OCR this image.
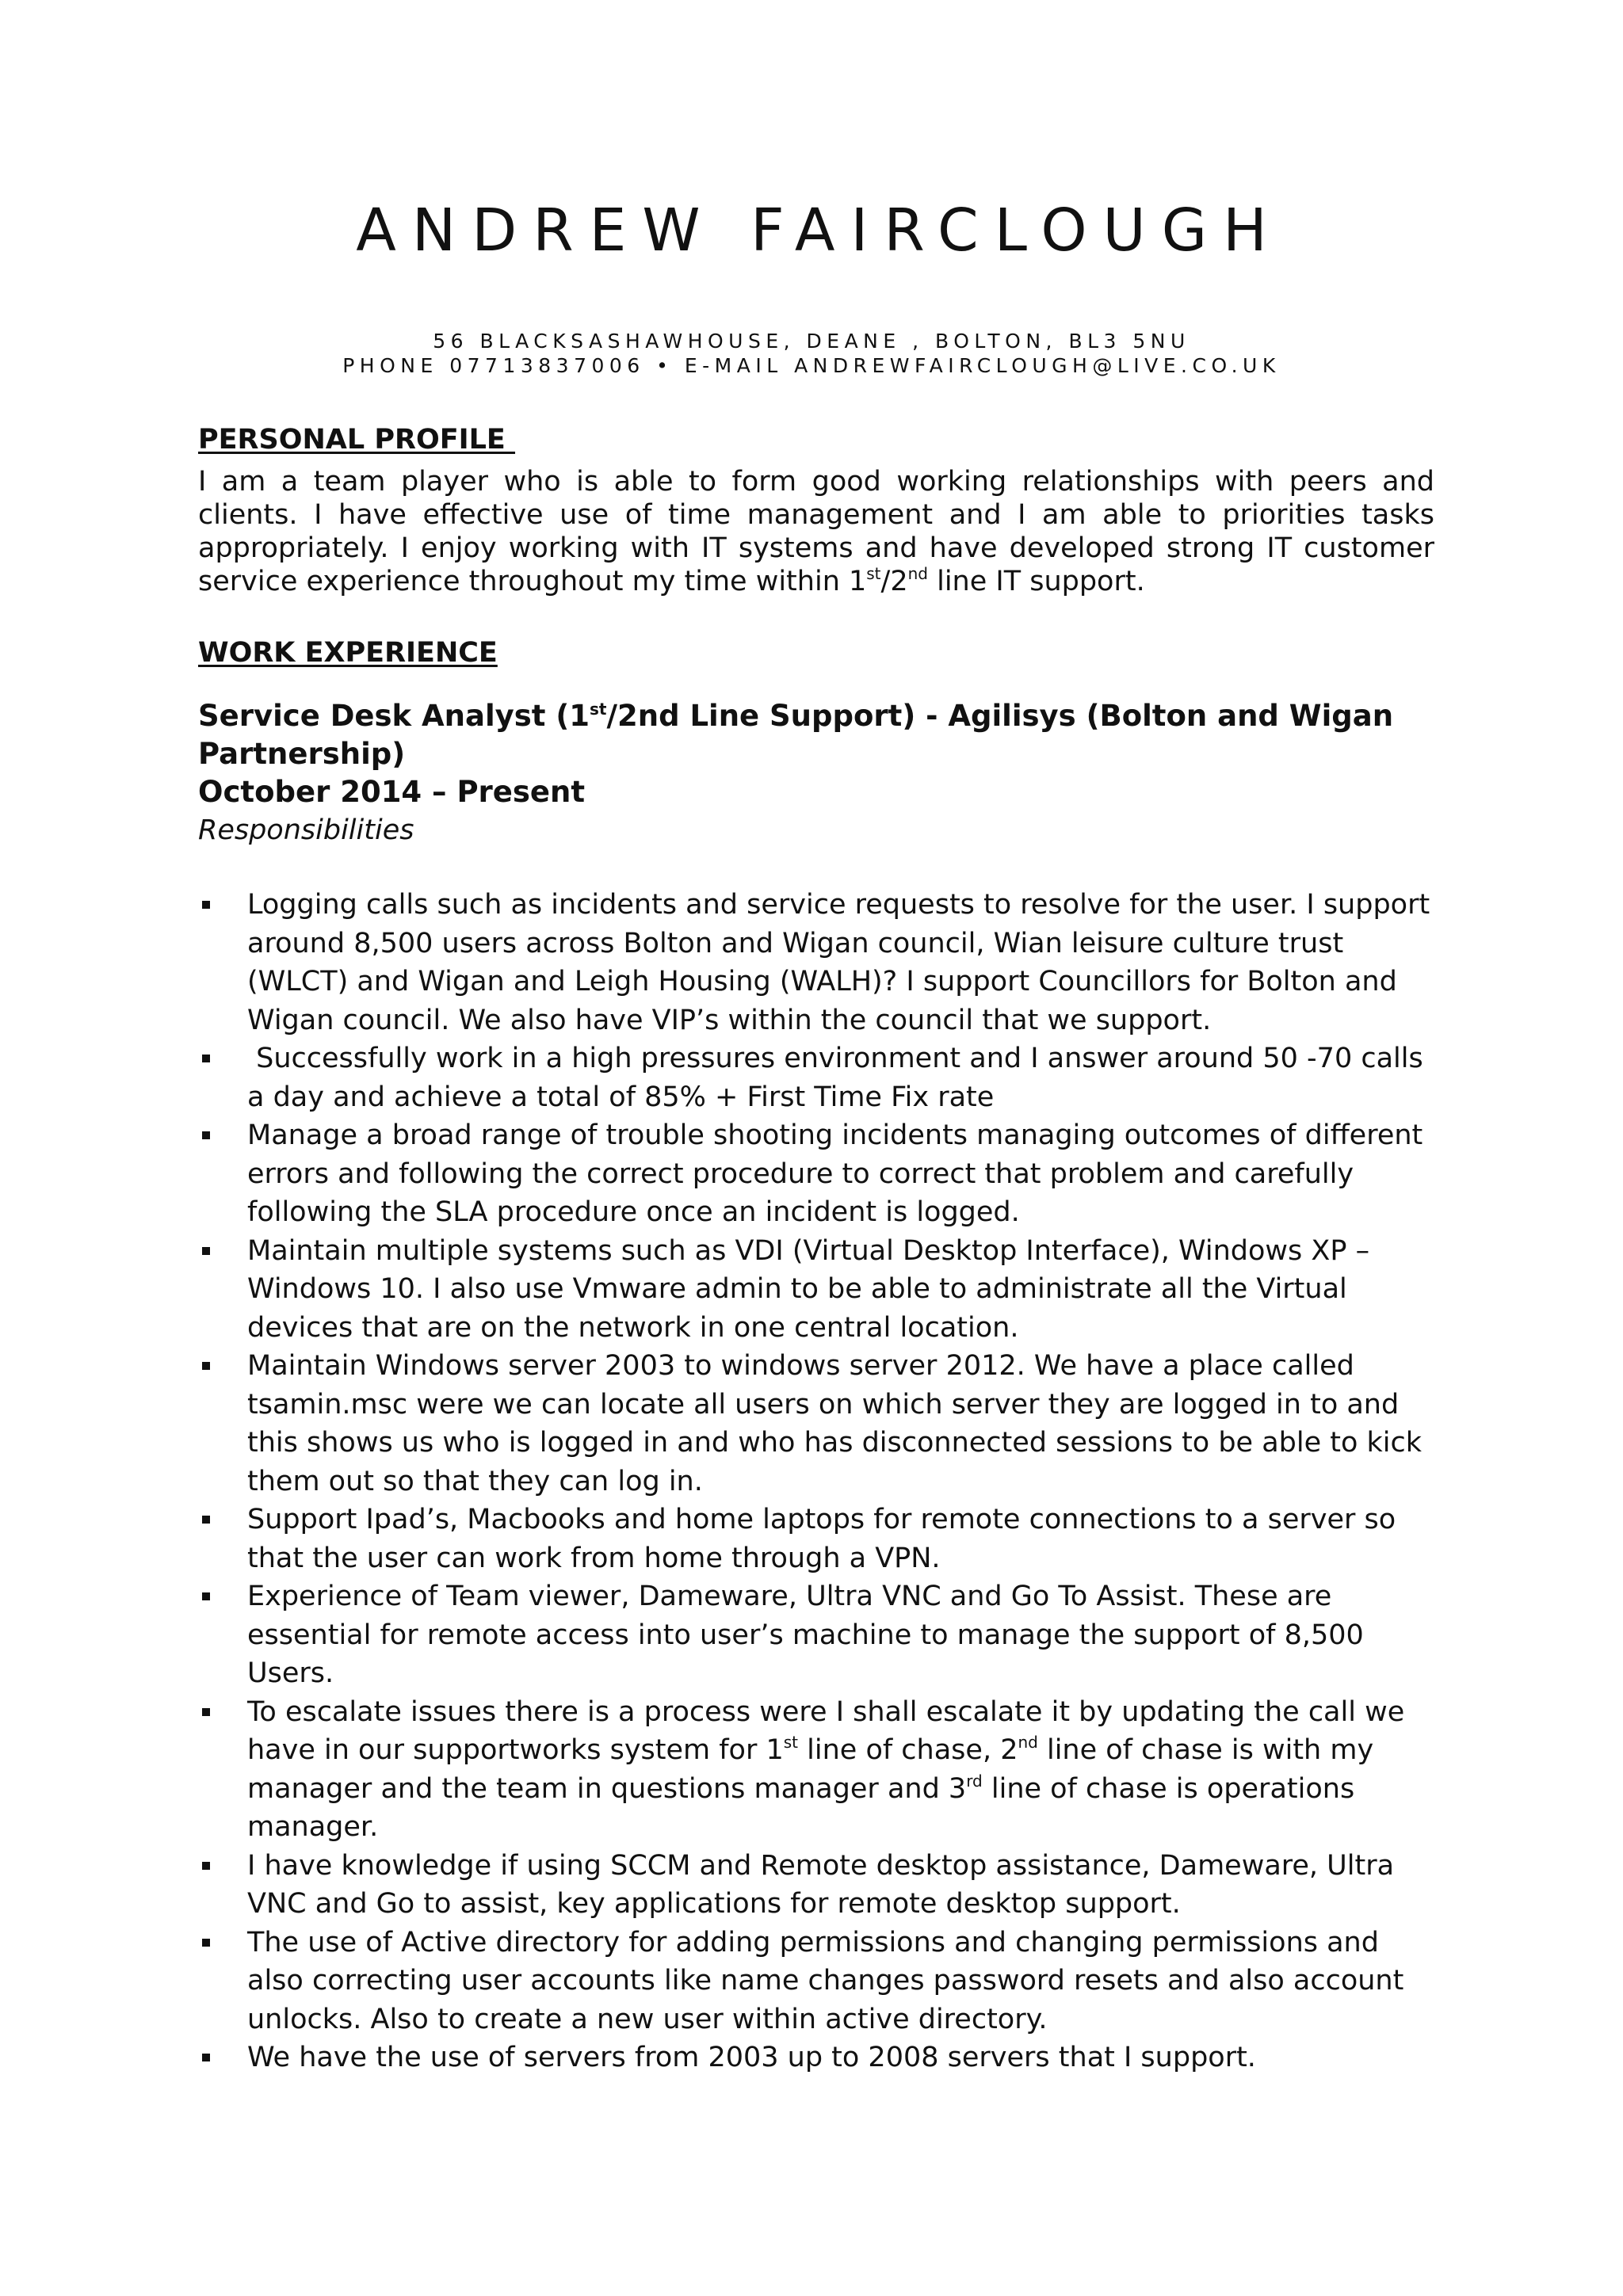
ANDREW FAIRCLOUGH

56 BLACKSASHAWHOUSE, DEANE , BOLTON, BL3 5NU

PHONE 07713837006 • E-MAIL ANDREWFAIRCLOUGH@LIVE.CO.UK

PERSONAL PROFILE

I am a team player who is able to form good working relationships with peers and clients. I have effective use of time management and I am able to priorities tasks appropriately. I enjoy working with IT systems and have developed strong IT customer service experience throughout my time within 1st/2nd line IT support.

WORK EXPERIENCE

Service Desk Analyst (1st/2nd Line Support) - Agilisys (Bolton and Wigan Partnership)

October 2014 – Present

Responsibilities

Logging calls such as incidents and service requests to resolve for the user. I support around 8,500 users across Bolton and Wigan council, Wian leisure culture trust (WLCT) and Wigan and Leigh Housing (WALH)? I support Councillors for Bolton and Wigan council. We also have VIP’s within the council that we support.
Successfully work in a high pressures environment and I answer around 50 -70 calls a day and achieve a total of 85% + First Time Fix rate
Manage a broad range of trouble shooting incidents managing outcomes of different errors and following the correct procedure to correct that problem and carefully following the SLA procedure once an incident is logged.
Maintain multiple systems such as VDI (Virtual Desktop Interface), Windows XP – Windows 10. I also use Vmware admin to be able to administrate all the Virtual devices that are on the network in one central location.
Maintain Windows server 2003 to windows server 2012. We have a place called tsamin.msc were we can locate all users on which server they are logged in to and this shows us who is logged in and who has disconnected sessions to be able to kick them out so that they can log in.
Support Ipad’s, Macbooks and home laptops for remote connections to a server so that the user can work from home through a VPN.
Experience of Team viewer, Dameware, Ultra VNC and Go To Assist. These are essential for remote access into user’s machine to manage the support of 8,500 Users.
To escalate issues there is a process were I shall escalate it by updating the call we have in our supportworks system for 1st line of chase, 2nd line of chase is with my manager and the team in questions manager and 3rd line of chase is operations manager.
I have knowledge if using SCCM and Remote desktop assistance, Dameware, Ultra VNC and Go to assist, key applications for remote desktop support.
The use of Active directory for adding permissions and changing permissions and also correcting user accounts like name changes password resets and also account unlocks. Also to create a new user within active directory.
We have the use of servers from 2003 up to 2008 servers that I support.
